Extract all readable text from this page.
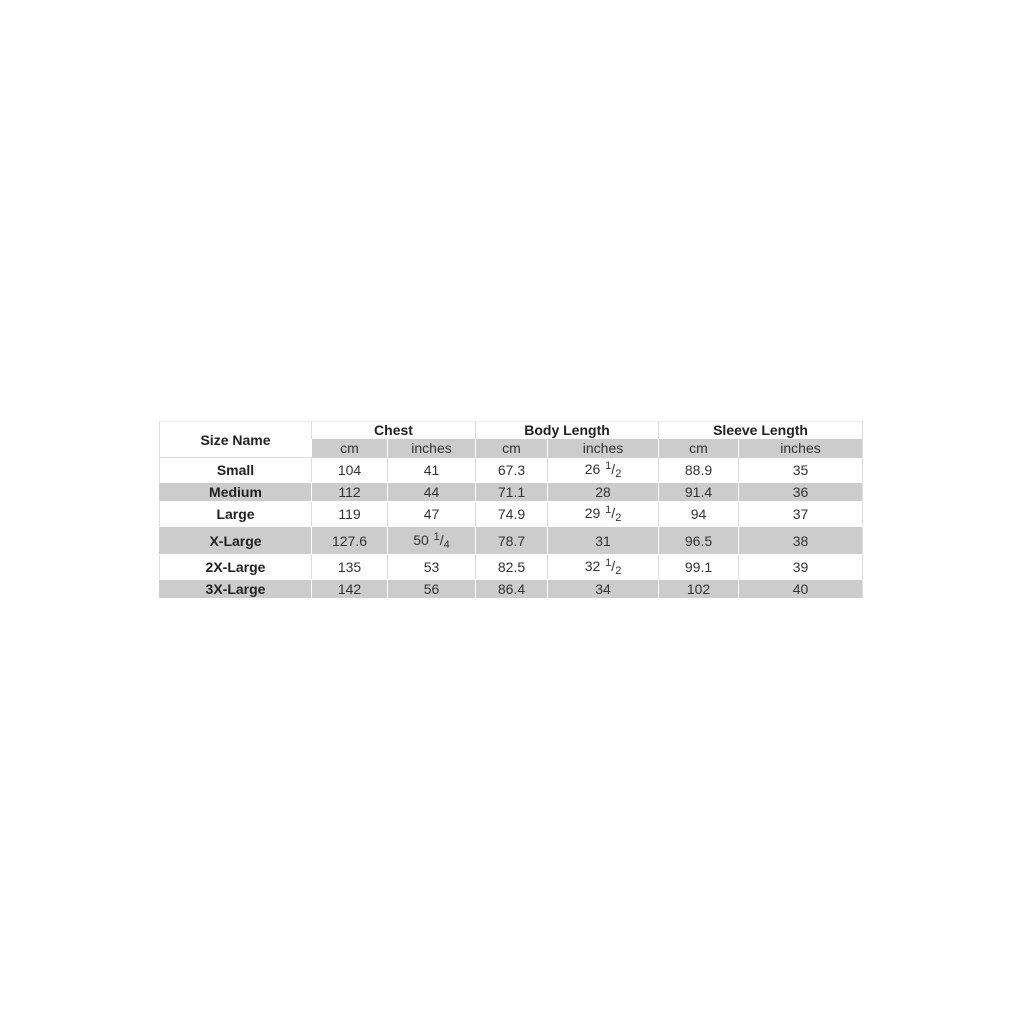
Size Name	Chest		Body Length		Sleeve Length	
	cm	inches	cm	inches	cm	inches
Small	104	41	67.3	26 $^1/_2$	88.9	35
Medium	112	44	71.1	28	91.4	36
Large	119	47	74.9	29 $^1/_2$	94	37
X-Large	127.6	50 $^1/_4$	78.7	31	96.5	38
2X-Large	135	53	82.5	32 $^1/_2$	99.1	39
3X-Large	142	56	86.4	34	102	40
